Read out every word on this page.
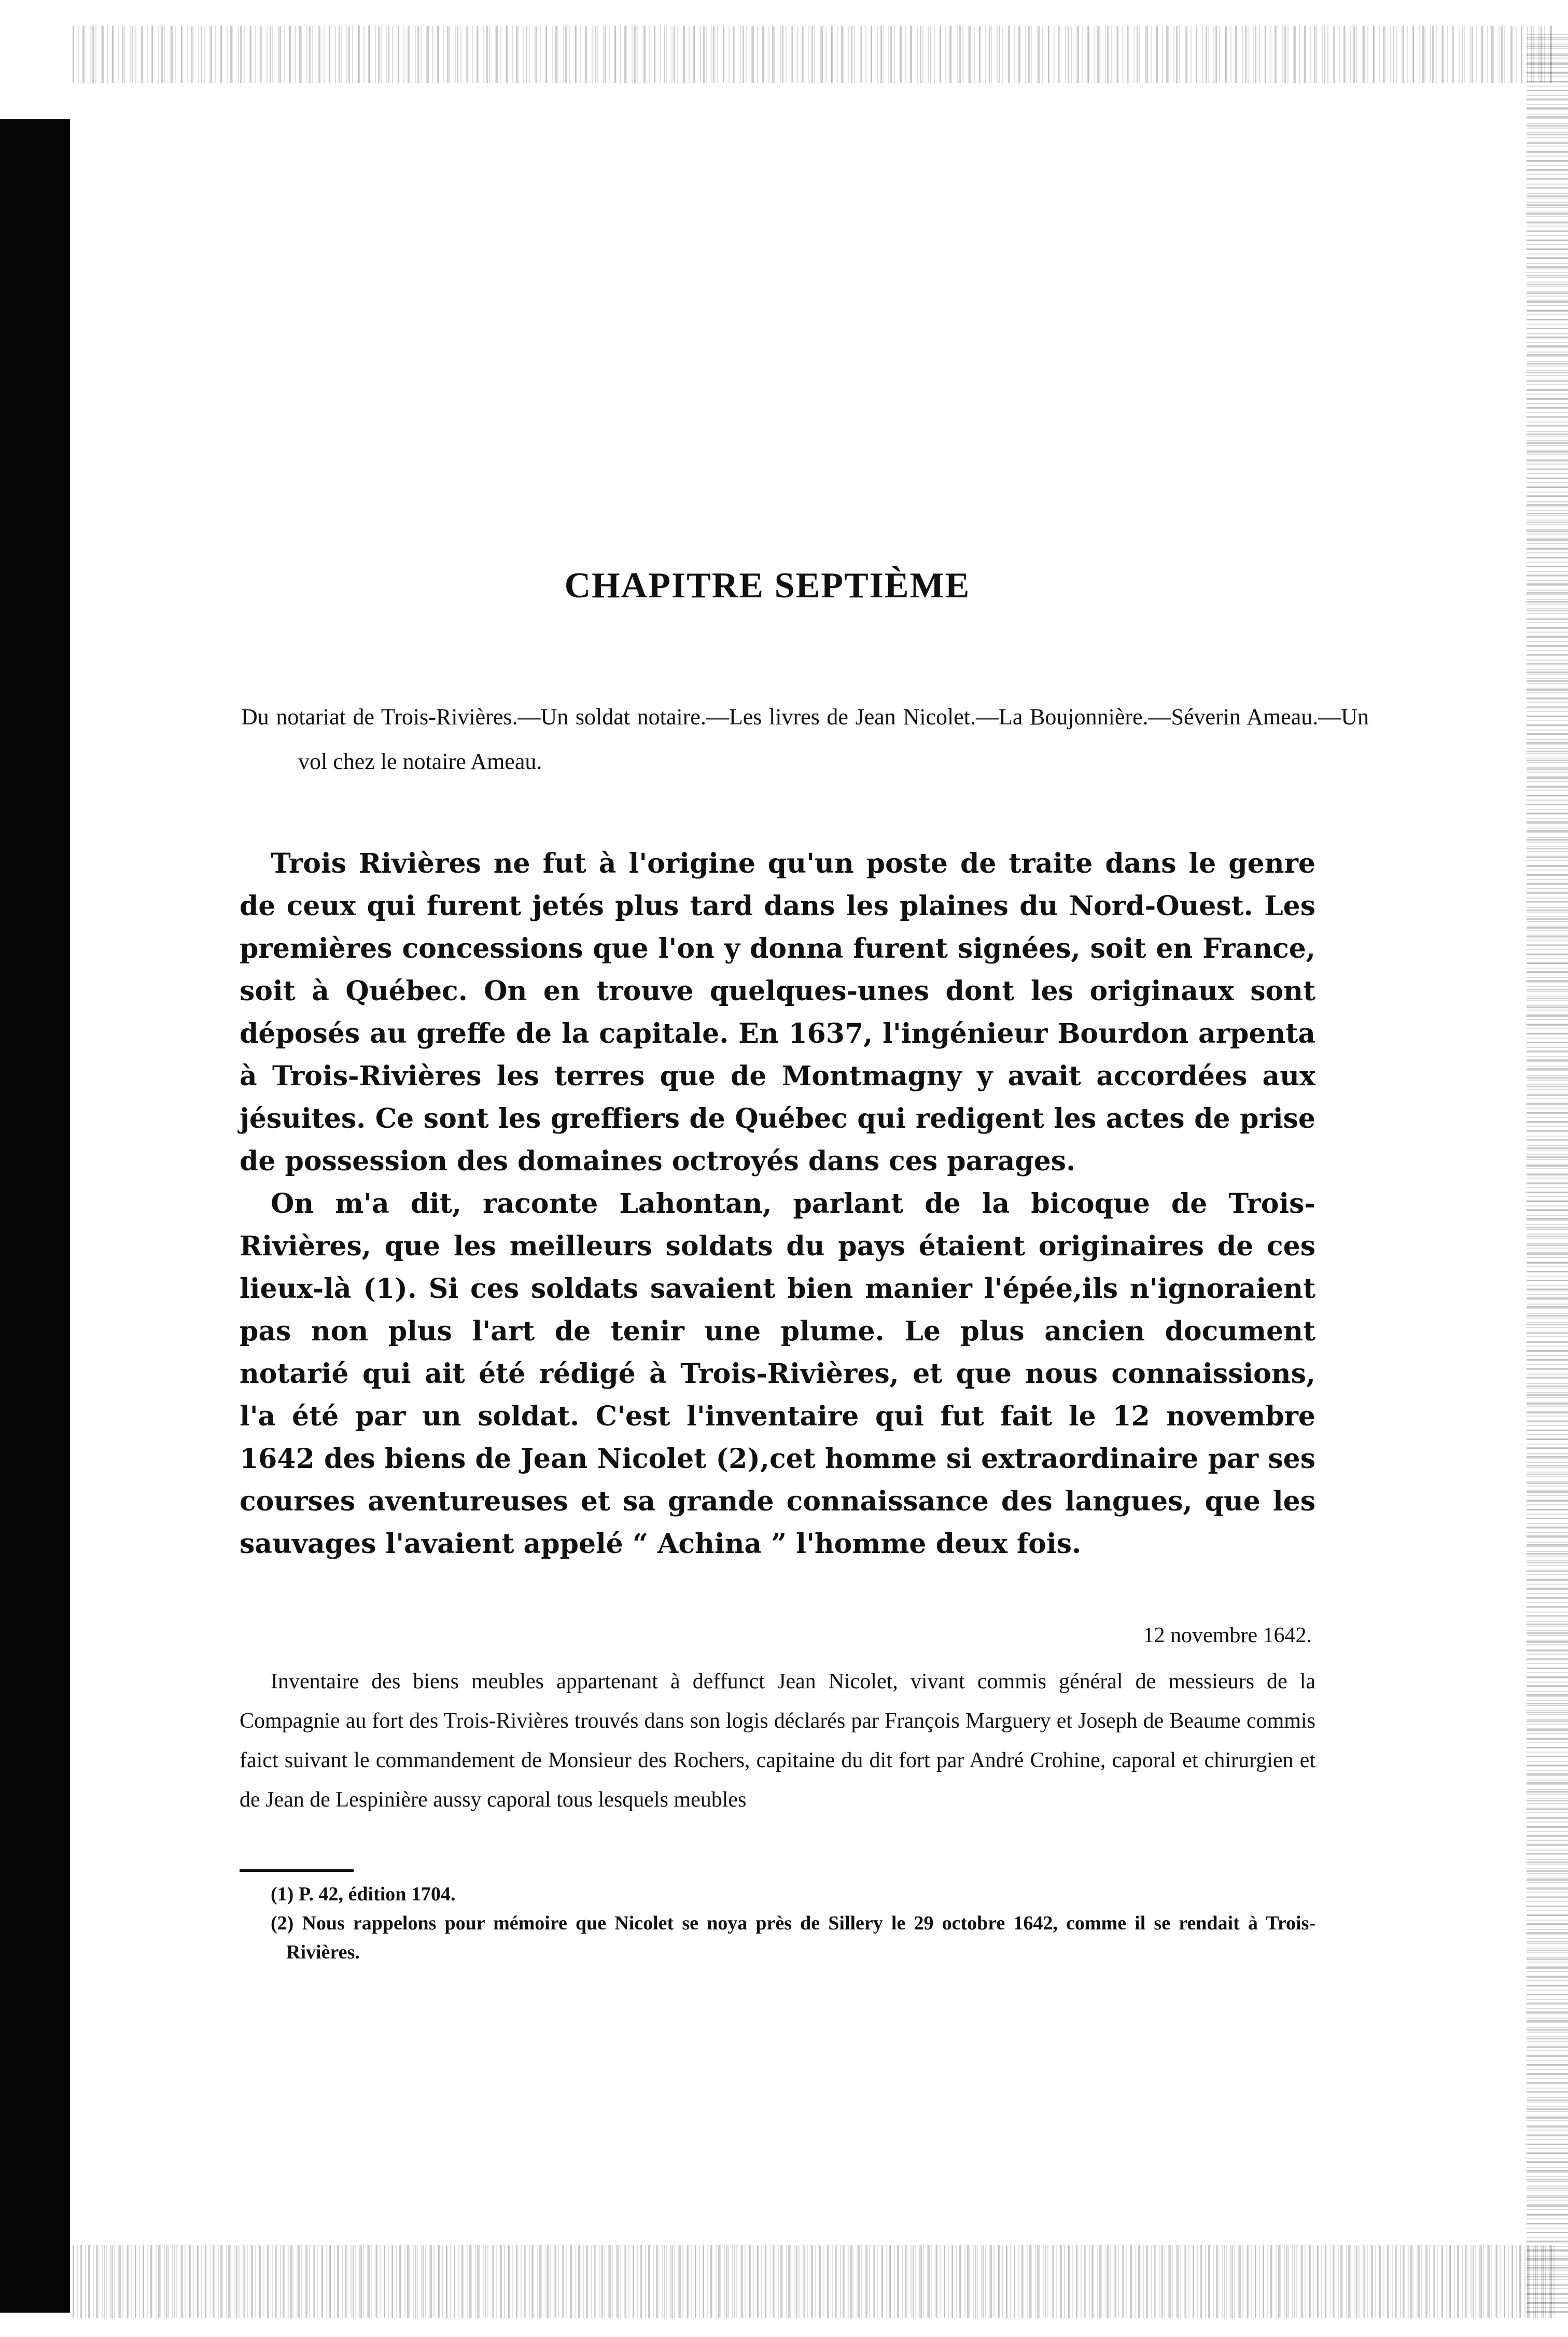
CHAPITRE SEPTIÈME

Du notariat de Trois-Rivières.—Un soldat notaire.—Les livres de Jean Nicolet.—La Boujonnière.—Séverin Ameau.—Un vol chez le notaire Ameau.

Trois Rivières ne fut à l'origine qu'un poste de traite dans le genre de ceux qui furent jetés plus tard dans les plaines du Nord-Ouest. Les premières concessions que l'on y donna furent signées, soit en France, soit à Québec. On en trouve quelques-unes dont les originaux sont déposés au greffe de la capitale. En 1637, l'ingénieur Bourdon arpenta à Trois-Rivières les terres que de Montmagny y avait accordées aux jésuites. Ce sont les greffiers de Québec qui redigent les actes de prise de possession des domaines octroyés dans ces parages.

On m'a dit, raconte Lahontan, parlant de la bicoque de Trois-Rivières, que les meilleurs soldats du pays étaient originaires de ces lieux-là (1). Si ces soldats savaient bien manier l'épée,ils n'ignoraient pas non plus l'art de tenir une plume. Le plus ancien document notarié qui ait été rédigé à Trois-Rivières, et que nous connaissions, l'a été par un soldat. C'est l'inventaire qui fut fait le 12 novembre 1642 des biens de Jean Nicolet (2),cet homme si extraordinaire par ses courses aventureuses et sa grande connaissance des langues, que les sauvages l'avaient appelé “ Achina ” l'homme deux fois.

12 novembre 1642.

Inventaire des biens meubles appartenant à deffunct Jean Nicolet, vivant commis général de messieurs de la Compagnie au fort des Trois-Rivières trouvés dans son logis déclarés par François Marguery et Joseph de Beaume commis faict suivant le commandement de Monsieur des Rochers, capitaine du dit fort par André Crohine, caporal et chirurgien et de Jean de Lespinière aussy caporal tous lesquels meubles

(1) P. 42, édition 1704.

(2) Nous rappelons pour mémoire que Nicolet se noya près de Sillery le 29 octobre 1642, comme il se rendait à Trois-Rivières.
